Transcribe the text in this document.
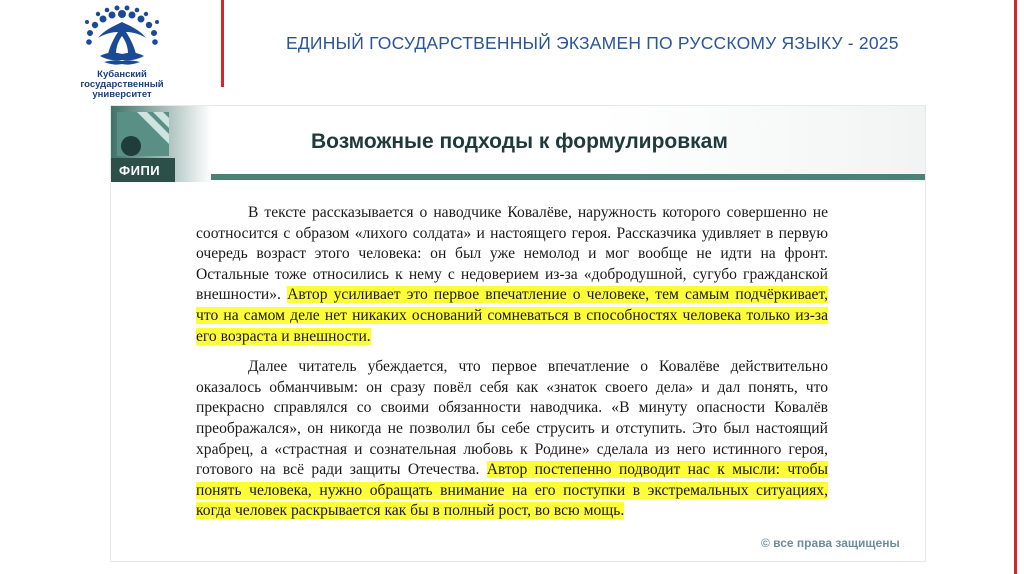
Кубанский
государственный
университет
ЕДИНЫЙ ГОСУДАРСТВЕННЫЙ ЭКЗАМЕН ПО РУССКОМУ ЯЗЫКУ - 2025
ФИПИ
Возможные подходы к формулировкам

В тексте рассказывается о наводчике Ковалёве, наружность которого совершенно не соотносится с образом «лихого солдата» и настоящего героя. Рассказчика удивляет в первую очередь возраст этого человека: он был уже немолод и мог вообще не идти на фронт. Остальные тоже относились к нему с недоверием из-за «добродушной, сугубо гражданской внешности». Автор усиливает это первое впечатление о человеке, тем самым подчёркивает, что на самом деле нет никаких оснований сомневаться в способностях человека только из-за его возраста и внешности.

Далее читатель убеждается, что первое впечатление о Ковалёве действительно оказалось обманчивым: он сразу повёл себя как «знаток своего дела» и дал понять, что прекрасно справлялся со своими обязанности наводчика. «В минуту опасности Ковалёв преображался», он никогда не позволил бы себе струсить и отступить. Это был настоящий храбрец, а «страстная и сознательная любовь к Родине» сделала из него истинного героя, готового на всё ради защиты Отечества. Автор постепенно подводит нас к мысли: чтобы понять человека, нужно обращать внимание на его поступки в экстремальных ситуациях, когда человек раскрывается как бы в полный рост, во всю мощь.

© все права защищены
